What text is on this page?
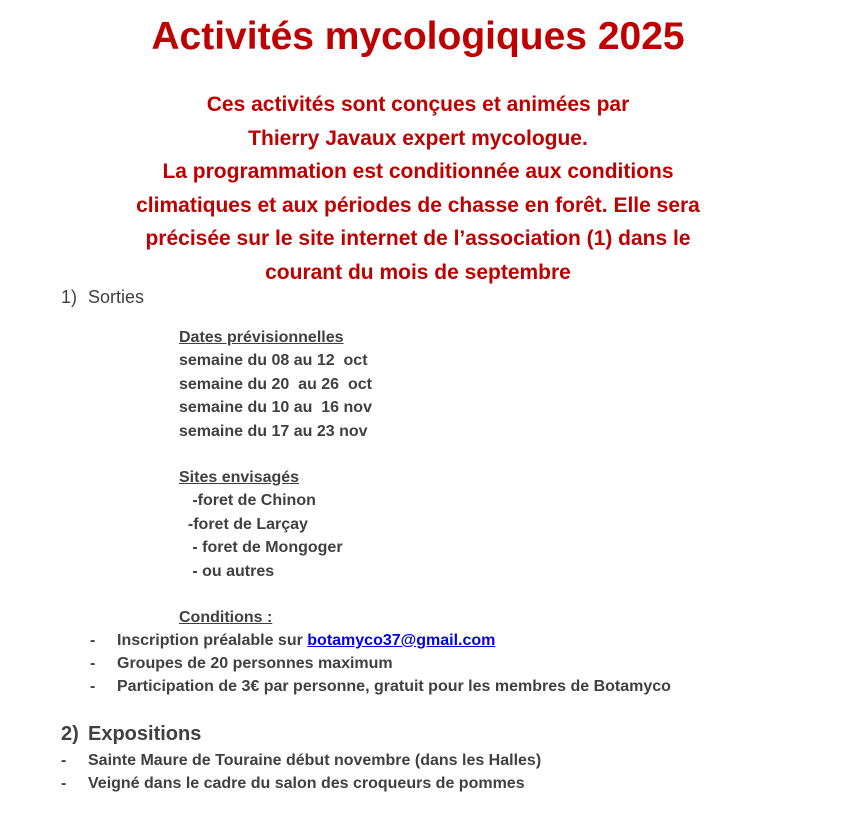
Activités mycologiques 2025
Ces activités sont conçues et animées par
Thierry Javaux expert mycologue.
La programmation est conditionnée aux conditions
climatiques et aux périodes de chasse en forêt. Elle sera
précisée sur le site internet de l’association (1) dans le
courant du mois de septembre
1) Sorties
Dates prévisionnelles
semaine du 08 au 12  oct
semaine du 20  au 26  oct
semaine du 10 au  16 nov
semaine du 17 au 23 nov
Sites envisagés
-foret de Chinon
-foret de Larçay
- foret de Mongoger
- ou autres
Conditions :
- Inscription préalable sur botamyco37@gmail.com
- Groupes de 20 personnes maximum
- Participation de 3€ par personne, gratuit pour les membres de Botamyco
2) Expositions
- Sainte Maure de Touraine début novembre (dans les Halles)
- Veigné dans le cadre du salon des croqueurs de pommes
